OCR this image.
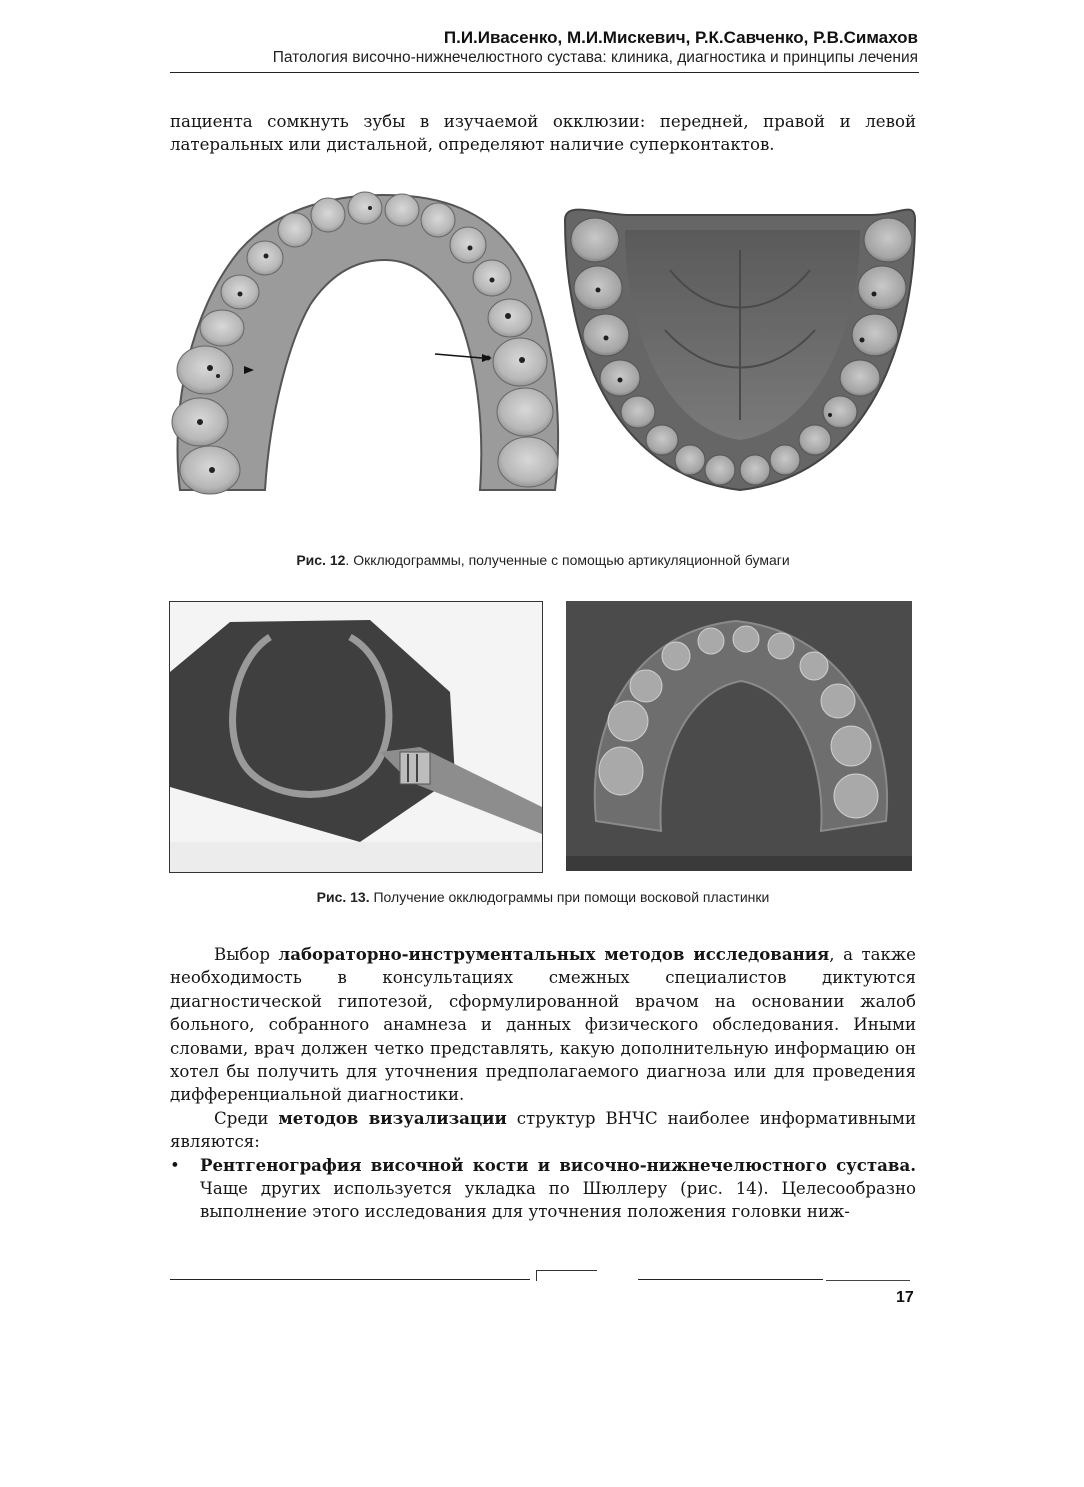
П.И.Ивасенко, М.И.Мискевич, Р.К.Савченко, Р.В.Симахов
Патология височно-нижнечелюстного сустава: клиника, диагностика и принципы лечения
пациента сомкнуть зубы в изучаемой окклюзии: передней, правой и левой латеральных или дистальной, определяют наличие суперконтактов.
Рис. 12. Окклюдограммы, полученные с помощью артикуляционной бумаги
Рис. 13. Получение окклюдограммы при помощи восковой пластинки

Выбор лабораторно-инструментальных методов исследования, а также необходимость в консультациях смежных специалистов диктуются диагностической гипотезой, сформулированной врачом на основании жалоб больного, собранного анамнеза и данных физического обследования. Иными словами, врач должен четко представлять, какую дополнительную информацию он хотел бы получить для уточнения предполагаемого диагноза или для проведения дифференциальной диагностики.

Среди методов визуализации структур ВНЧС наиболее информативными являются:

• Рентгенография височной кости и височно-нижнечелюстного сустава. Чаще других используется укладка по Шюллеру (рис. 14). Целесообразно выполнение этого исследования для уточнения положения головки ниж-

17
